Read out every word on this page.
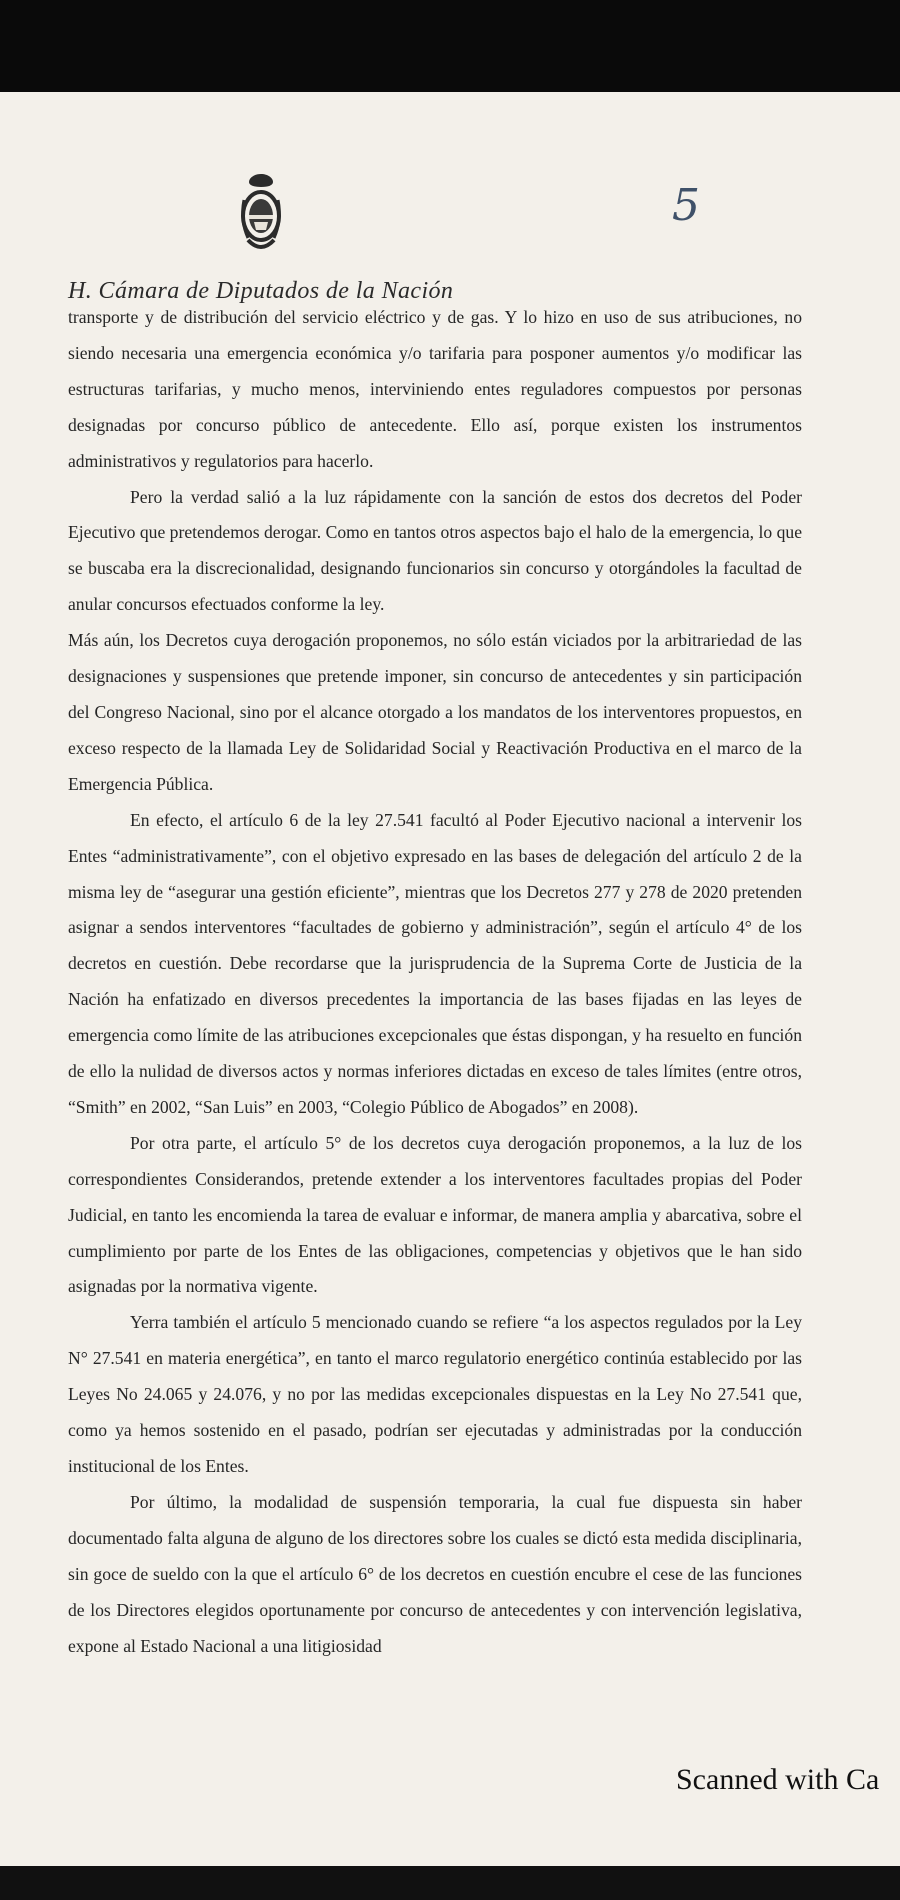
5
H. Cámara de Diputados de la Nación

transporte y de distribución del servicio eléctrico y de gas. Y lo hizo en uso de sus atribuciones, no siendo necesaria una emergencia económica y/o tarifaria para posponer aumentos y/o modificar las estructuras tarifarias, y mucho menos, interviniendo entes reguladores compuestos por personas designadas por concurso público de antecedente. Ello así, porque existen los instrumentos administrativos y regulatorios para hacerlo.

Pero la verdad salió a la luz rápidamente con la sanción de estos dos decretos del Poder Ejecutivo que pretendemos derogar. Como en tantos otros aspectos bajo el halo de la emergencia, lo que se buscaba era la discrecionalidad, designando funcionarios sin concurso y otorgándoles la facultad de anular concursos efectuados conforme la ley.

Más aún, los Decretos cuya derogación proponemos, no sólo están viciados por la arbitrariedad de las designaciones y suspensiones que pretende imponer, sin concurso de antecedentes y sin participación del Congreso Nacional, sino por el alcance otorgado a los mandatos de los interventores propuestos, en exceso respecto de la llamada Ley de Solidaridad Social y Reactivación Productiva en el marco de la Emergencia Pública.

En efecto, el artículo 6 de la ley 27.541 facultó al Poder Ejecutivo nacional a intervenir los Entes “administrativamente”, con el objetivo expresado en las bases de delegación del artículo 2 de la misma ley de “asegurar una gestión eficiente”, mientras que los Decretos 277 y 278 de 2020 pretenden asignar a sendos interventores “facultades de gobierno y administración”, según el artículo 4° de los decretos en cuestión. Debe recordarse que la jurisprudencia de la Suprema Corte de Justicia de la Nación ha enfatizado en diversos precedentes la importancia de las bases fijadas en las leyes de emergencia como límite de las atribuciones excepcionales que éstas dispongan, y ha resuelto en función de ello la nulidad de diversos actos y normas inferiores dictadas en exceso de tales límites (entre otros, “Smith” en 2002, “San Luis” en 2003, “Colegio Público de Abogados” en 2008).

Por otra parte, el artículo 5° de los decretos cuya derogación proponemos, a la luz de los correspondientes Considerandos, pretende extender a los interventores facultades propias del Poder Judicial, en tanto les encomienda la tarea de evaluar e informar, de manera amplia y abarcativa, sobre el cumplimiento por parte de los Entes de las obligaciones, competencias y objetivos que le han sido asignadas por la normativa vigente.

Yerra también el artículo 5 mencionado cuando se refiere “a los aspectos regulados por la Ley N° 27.541 en materia energética”, en tanto el marco regulatorio energético continúa establecido por las Leyes No 24.065 y 24.076, y no por las medidas excepcionales dispuestas en la Ley No 27.541 que, como ya hemos sostenido en el pasado, podrían ser ejecutadas y administradas por la conducción institucional de los Entes.

Por último, la modalidad de suspensión temporaria, la cual fue dispuesta sin haber documentado falta alguna de alguno de los directores sobre los cuales se dictó esta medida disciplinaria, sin goce de sueldo con la que el artículo 6° de los decretos en cuestión encubre el cese de las funciones de los Directores elegidos oportunamente por concurso de antecedentes y con intervención legislativa, expone al Estado Nacional a una litigiosidad

Scanned with Ca
